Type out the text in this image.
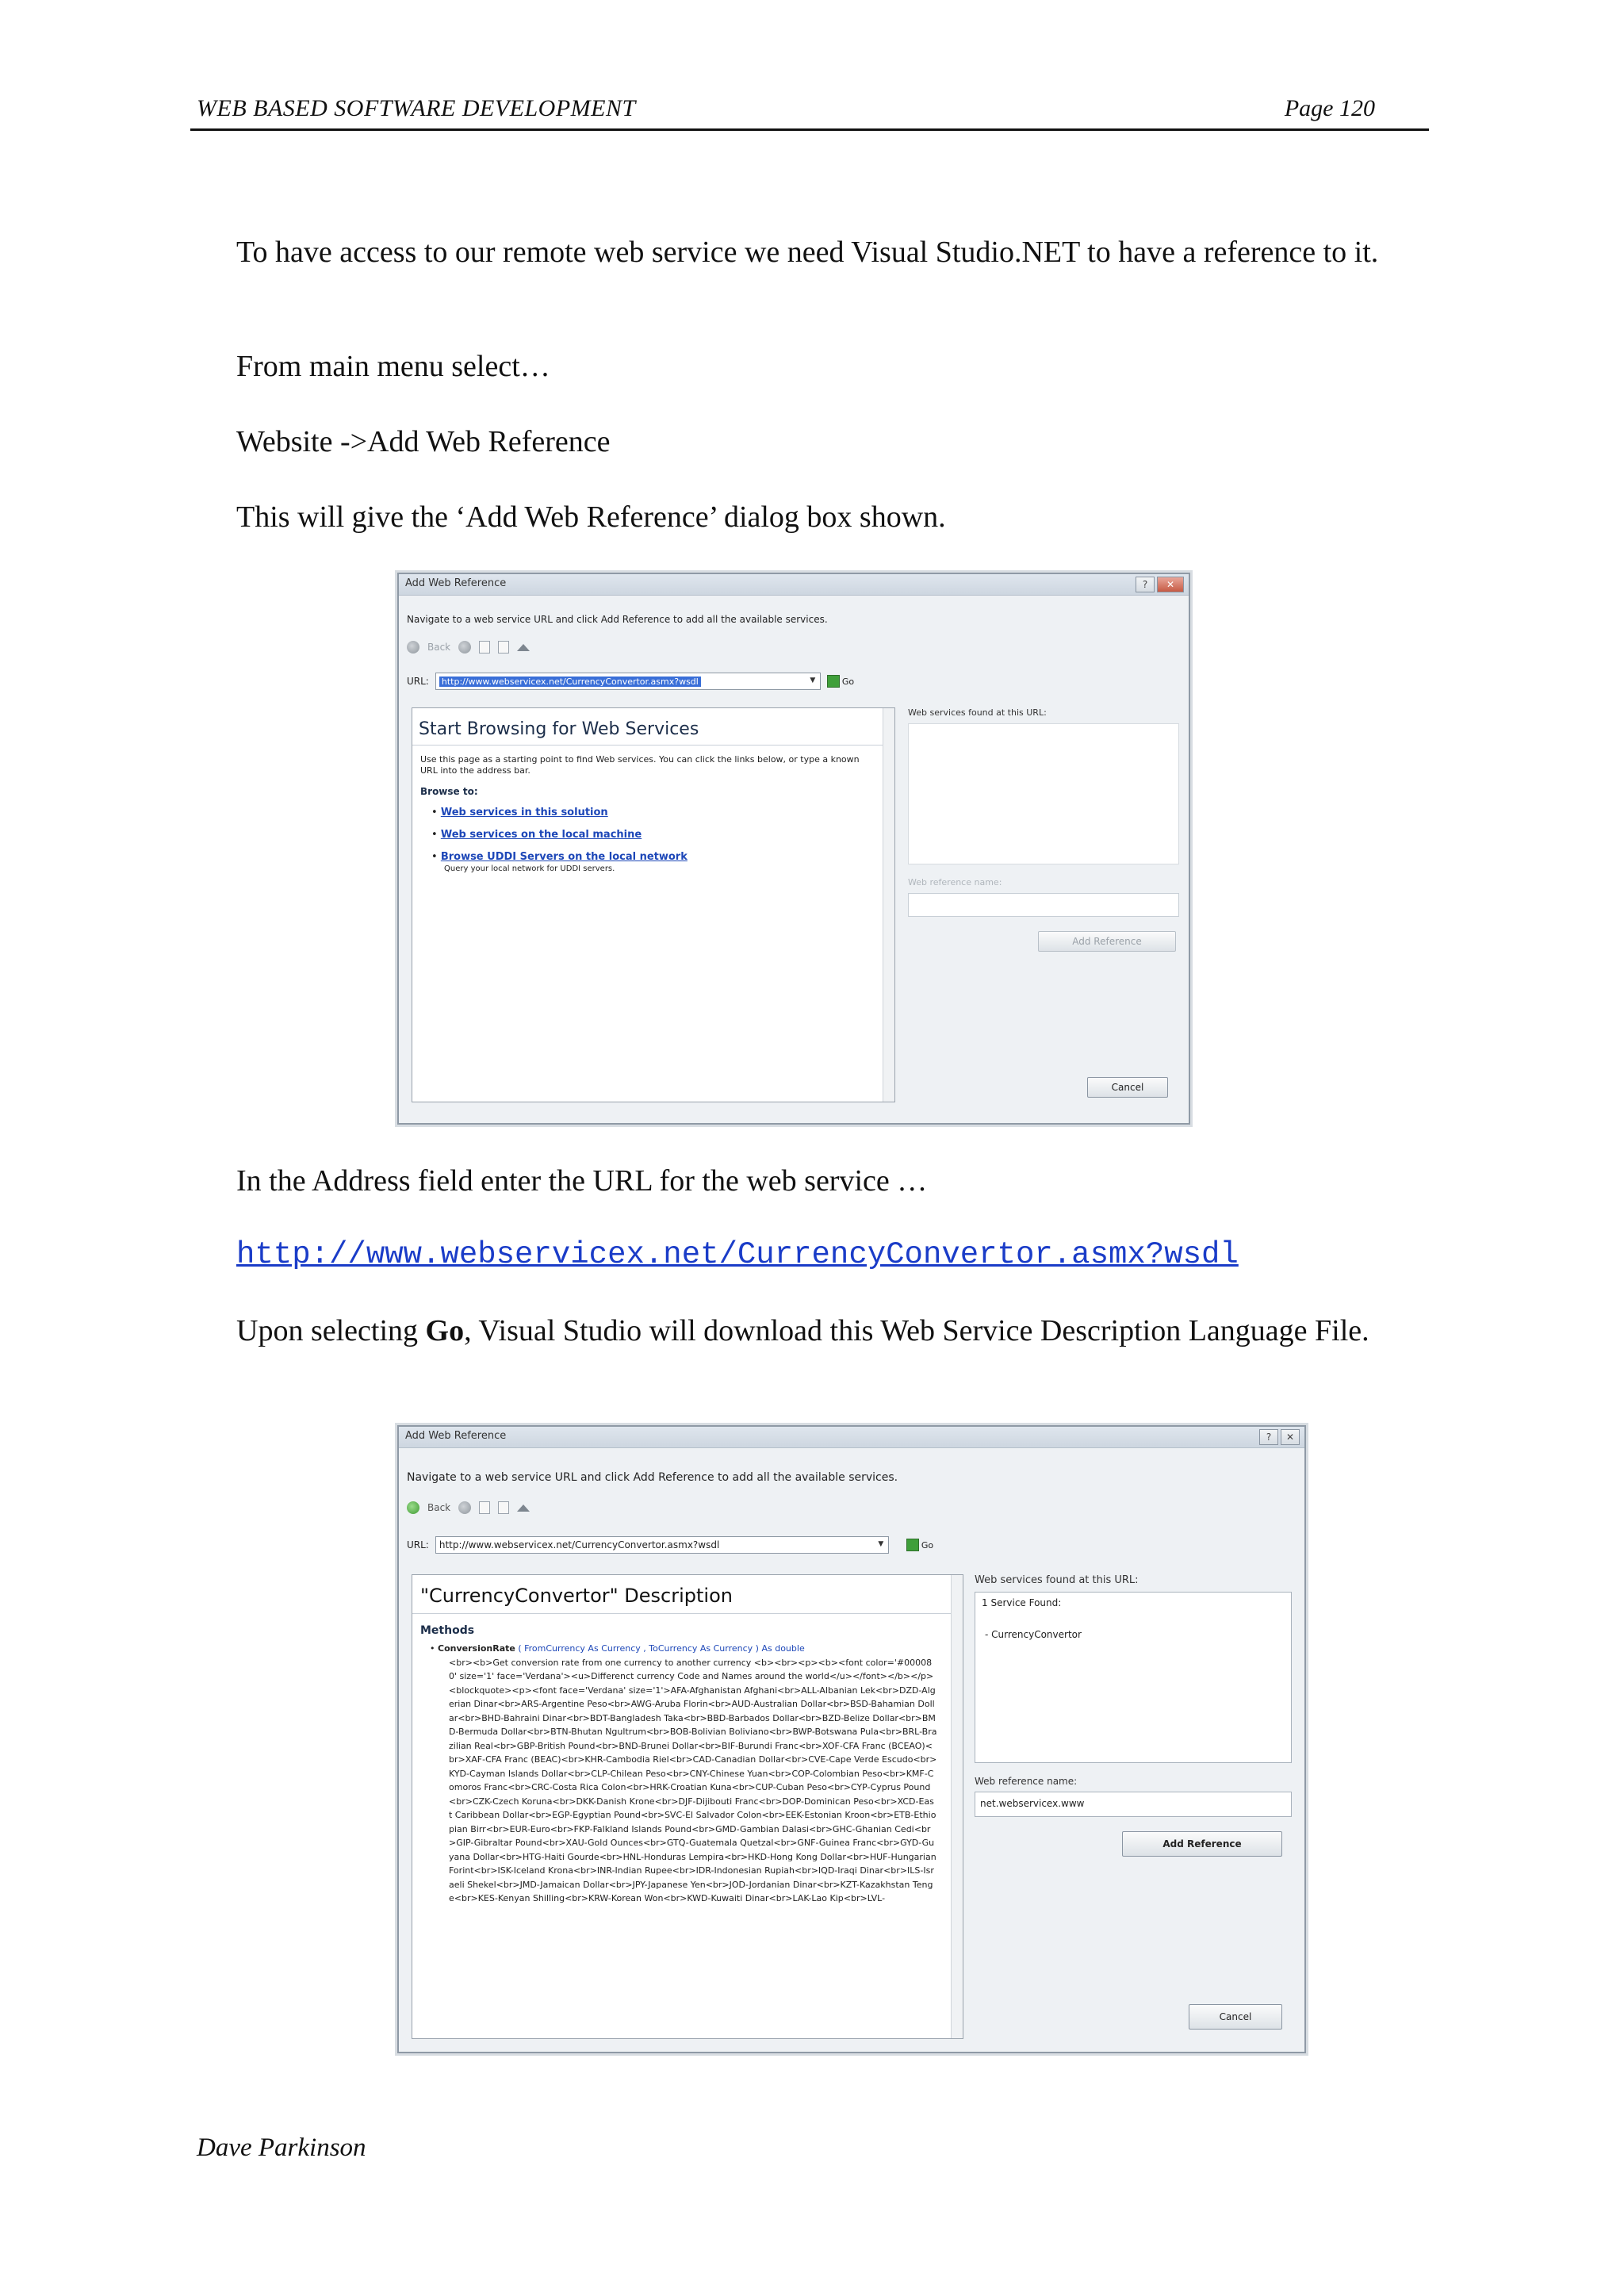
WEB BASED SOFTWARE DEVELOPMENT	Page 120

To have access to our remote web service we need Visual Studio.NET to have a reference to it.

From main menu select…

Website ->Add Web Reference

This will give the ‘Add Web Reference’ dialog box shown.

Add Web Reference	?	✕
Navigate to a web service URL and click Add Reference to add all the available services.
Back
URL: http://www.webservicex.net/CurrencyConvertor.asmx?wsdl	▼	Go
Start Browsing for Web Services
Use this page as a starting point to find Web services. You can click the links below, or type a known URL into the address bar.
Browse to:
• Web services in this solution
• Web services on the local machine
• Browse UDDI Servers on the local network
Query your local network for UDDI servers.
Web services found at this URL:
Web reference name:
Add Reference
Cancel

In the Address field enter the URL for the web service …

http://www.webservicex.net/CurrencyConvertor.asmx?wsdl

Upon selecting Go, Visual Studio will download this Web Service Description Language File.

Add Web Reference	?	✕
Navigate to a web service URL and click Add Reference to add all the available services.
Back
URL: http://www.webservicex.net/CurrencyConvertor.asmx?wsdl	▼	Go
"CurrencyConvertor" Description
Methods
• ConversionRate ( FromCurrency As Currency , ToCurrency As Currency ) As double
<br><b>Get conversion rate from one currency to another currency <b><br><p><b><font color='#000080' size='1' face='Verdana'><u>Differenct currency Code and Names around the world</u></font></b></p><blockquote><p><font face='Verdana' size='1'>AFA-Afghanistan Afghani<br>ALL-Albanian Lek<br>DZD-Algerian Dinar<br>ARS-Argentine Peso<br>AWG-Aruba Florin<br>AUD-Australian Dollar<br>BSD-Bahamian Dollar<br>BHD-Bahraini Dinar<br>BDT-Bangladesh Taka<br>BBD-Barbados Dollar<br>BZD-Belize Dollar<br>BMD-Bermuda Dollar<br>BTN-Bhutan Ngultrum<br>BOB-Bolivian Boliviano<br>BWP-Botswana Pula<br>BRL-Brazilian Real<br>GBP-British Pound<br>BND-Brunei Dollar<br>BIF-Burundi Franc<br>XOF-CFA Franc (BCEAO)<br>XAF-CFA Franc (BEAC)<br>KHR-Cambodia Riel<br>CAD-Canadian Dollar<br>CVE-Cape Verde Escudo<br>KYD-Cayman Islands Dollar<br>CLP-Chilean Peso<br>CNY-Chinese Yuan<br>COP-Colombian Peso<br>KMF-Comoros Franc<br>CRC-Costa Rica Colon<br>HRK-Croatian Kuna<br>CUP-Cuban Peso<br>CYP-Cyprus Pound<br>CZK-Czech Koruna<br>DKK-Danish Krone<br>DJF-Dijibouti Franc<br>DOP-Dominican Peso<br>XCD-East Caribbean Dollar<br>EGP-Egyptian Pound<br>SVC-El Salvador Colon<br>EEK-Estonian Kroon<br>ETB-Ethiopian Birr<br>EUR-Euro<br>FKP-Falkland Islands Pound<br>GMD-Gambian Dalasi<br>GHC-Ghanian Cedi<br>GIP-Gibraltar Pound<br>XAU-Gold Ounces<br>GTQ-Guatemala Quetzal<br>GNF-Guinea Franc<br>GYD-Guyana Dollar<br>HTG-Haiti Gourde<br>HNL-Honduras Lempira<br>HKD-Hong Kong Dollar<br>HUF-Hungarian Forint<br>ISK-Iceland Krona<br>INR-Indian Rupee<br>IDR-Indonesian Rupiah<br>IQD-Iraqi Dinar<br>ILS-Israeli Shekel<br>JMD-Jamaican Dollar<br>JPY-Japanese Yen<br>JOD-Jordanian Dinar<br>KZT-Kazakhstan Tenge<br>KES-Kenyan Shilling<br>KRW-Korean Won<br>KWD-Kuwaiti Dinar<br>LAK-Lao Kip<br>LVL-
Web services found at this URL:
1 Service Found:
- CurrencyConvertor
Web reference name:
net.webservicex.www
Add Reference
Cancel
Dave Parkinson
